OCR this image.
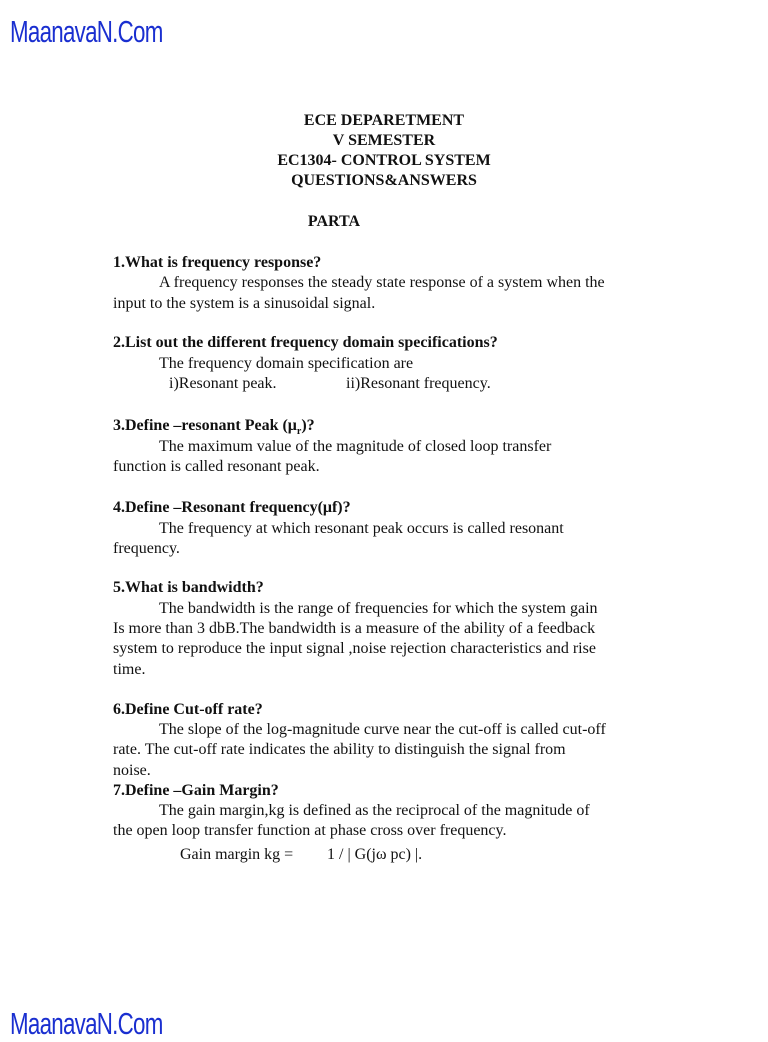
MaanavaN.Com
ECE DEPARETMENT
V SEMESTER
EC1304- CONTROL SYSTEM
QUESTIONS&ANSWERS
PARTA
1.What is frequency response?
A frequency responses the steady state response of a system when the
input to the system is a sinusoidal signal.
2.List out the different frequency domain specifications?
The frequency domain specification are
i)Resonant peak.	ii)Resonant frequency.
3.Define –resonant Peak $(\mu_r)$?
The maximum value of the magnitude of closed loop transfer
function is called resonant peak.
4.Define –Resonant frequency(μf)?
The frequency at which resonant peak occurs is called resonant
frequency.
5.What is bandwidth?
The bandwidth is the range of frequencies for which the system gain
Is more than 3 dbB.The bandwidth is a measure of the ability of a feedback
system to reproduce the input signal ,noise rejection characteristics and rise
time.
6.Define Cut-off rate?
The slope of the log-magnitude curve near the cut-off is called cut-off
rate. The cut-off rate indicates the ability to distinguish the signal from
noise.
7.Define –Gain Margin?
The gain margin,kg is defined as the reciprocal of the magnitude of
the open loop transfer function at phase cross over frequency.
Gain margin kg = 1 / | G(jω pc) |.
MaanavaN.Com
